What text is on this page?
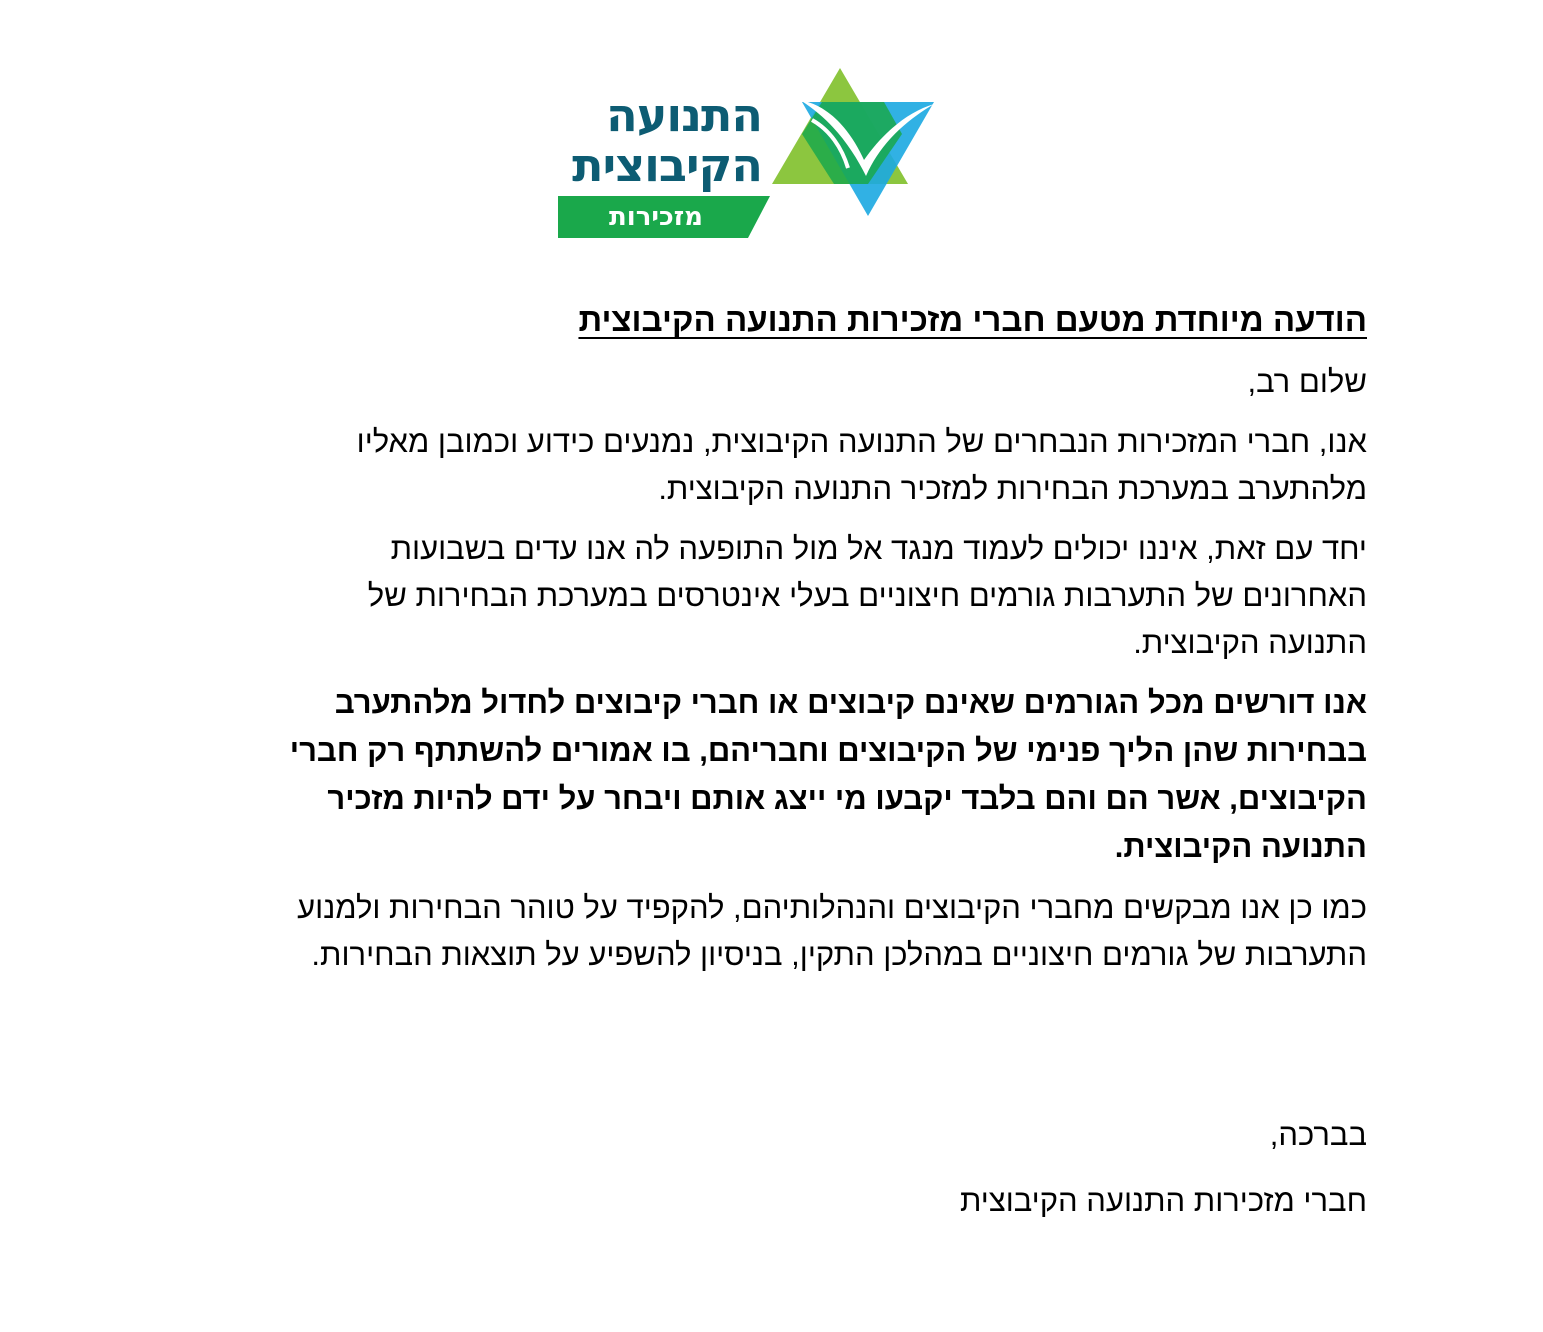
התנועה
הקיבוצית
מזכירות
הודעה מיוחדת מטעם חברי מזכירות התנועה הקיבוצית
שלום רב,
אנו, חברי המזכירות הנבחרים של התנועה הקיבוצית, נמנעים כידוע וכמובן מאליו
מלהתערב במערכת הבחירות למזכיר התנועה הקיבוצית.
יחד עם זאת, איננו יכולים לעמוד מנגד אל מול התופעה לה אנו עדים בשבועות
האחרונים של התערבות גורמים חיצוניים בעלי אינטרסים במערכת הבחירות של
התנועה הקיבוצית.
אנו דורשים מכל הגורמים שאינם קיבוצים או חברי קיבוצים לחדול מלהתערב
בבחירות שהן הליך פנימי של הקיבוצים וחבריהם, בו אמורים להשתתף רק חברי
הקיבוצים, אשר הם והם בלבד יקבעו מי ייצג אותם ויבחר על ידם להיות מזכיר
התנועה הקיבוצית.
כמו כן אנו מבקשים מחברי הקיבוצים והנהלותיהם, להקפיד על טוהר הבחירות ולמנוע
התערבות של גורמים חיצוניים במהלכן התקין, בניסיון להשפיע על תוצאות הבחירות.
בברכה,
חברי מזכירות התנועה הקיבוצית
